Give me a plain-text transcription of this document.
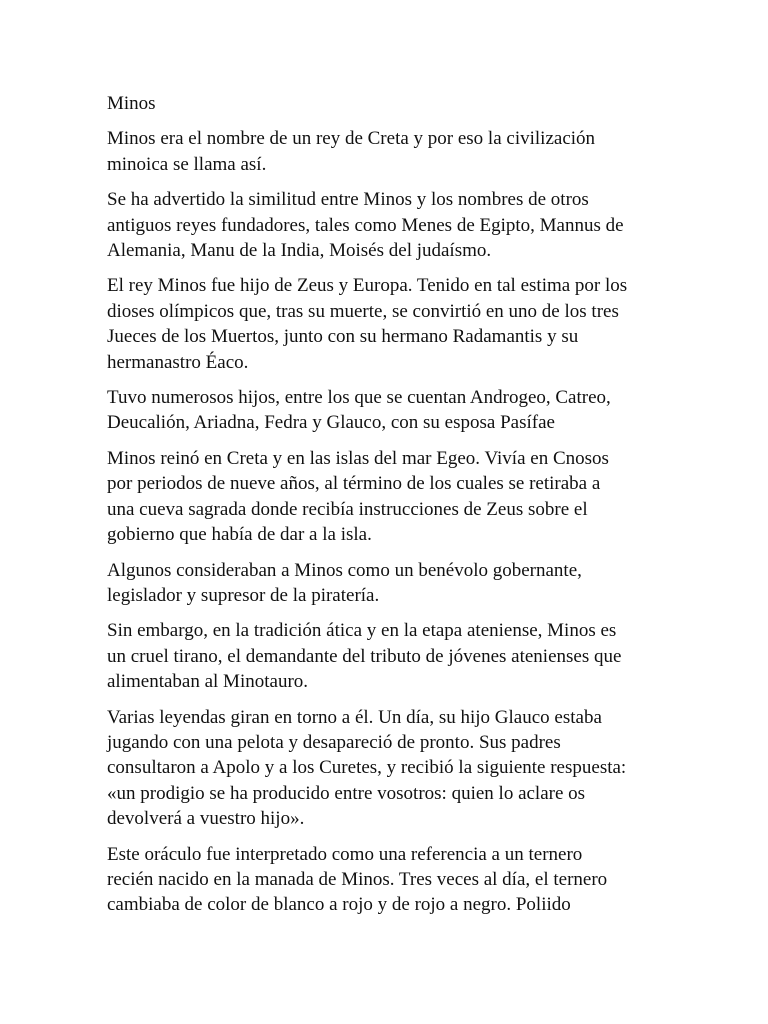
Minos
Minos era el nombre de un rey de Creta y por eso la civilización
minoica se llama así.
Se ha advertido la similitud entre Minos y los nombres de otros
antiguos reyes fundadores, tales como Menes de Egipto, Mannus de
Alemania, Manu de la India, Moisés del judaísmo.
El rey Minos fue hijo de Zeus y Europa. Tenido en tal estima por los
dioses olímpicos que, tras su muerte, se convirtió en uno de los tres
Jueces de los Muertos, junto con su hermano Radamantis y su
hermanastro Éaco.
Tuvo numerosos hijos, entre los que se cuentan Androgeo, Catreo,
Deucalión, Ariadna, Fedra y Glauco, con su esposa Pasífae
Minos reinó en Creta y en las islas del mar Egeo. Vivía en Cnosos
por periodos de nueve años, al término de los cuales se retiraba a
una cueva sagrada donde recibía instrucciones de Zeus sobre el
gobierno que había de dar a la isla.
Algunos consideraban a Minos como un benévolo gobernante,
legislador y supresor de la piratería.
Sin embargo, en la tradición ática y en la etapa ateniense, Minos es
un cruel tirano, el demandante del tributo de jóvenes atenienses que
alimentaban al Minotauro.
Varias leyendas giran en torno a él. Un día, su hijo Glauco estaba
jugando con una pelota y desapareció de pronto. Sus padres
consultaron a Apolo y a los Curetes, y recibió la siguiente respuesta:
«un prodigio se ha producido entre vosotros: quien lo aclare os
devolverá a vuestro hijo».
Este oráculo fue interpretado como una referencia a un ternero
recién nacido en la manada de Minos. Tres veces al día, el ternero
cambiaba de color de blanco a rojo y de rojo a negro. Poliido
